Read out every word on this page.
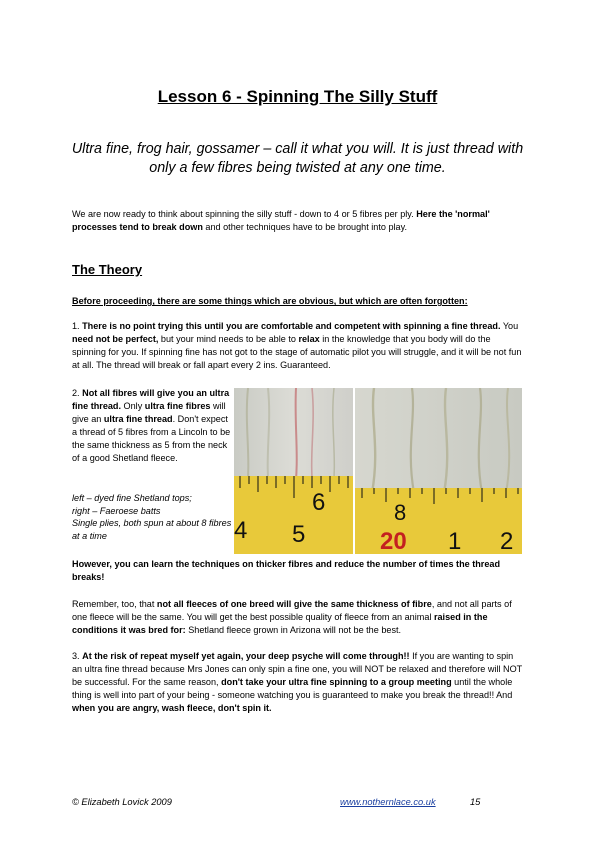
Lesson 6 - Spinning The Silly Stuff
Ultra fine, frog hair, gossamer – call it what you will. It is just thread with only a few fibres being twisted at any one time.
We are now ready to think about spinning the silly stuff - down to 4 or 5 fibres per ply. Here the 'normal' processes tend to break down and other techniques have to be brought into play.
The Theory
Before proceeding, there are some things which are obvious, but which are often forgotten:
1. There is no point trying this until you are comfortable and competent with spinning a fine thread. You need not be perfect, but your mind needs to be able to relax in the knowledge that you body will do the spinning for you. If spinning fine has not got to the stage of automatic pilot you will struggle, and it will be not fun at all. The thread will break or fall apart every 2 ins. Guaranteed.
2. Not all fibres will give you an ultra fine thread. Only ultra fine fibres will give an ultra fine thread. Don't expect a thread of 5 fibres from a Lincoln to be the same thickness as 5 from the neck of a good Shetland fleece.
left – dyed fine Shetland tops;
right – Faeroese batts
Single plies, both spun at about 8 fibres at a time
6
4 5
8
20 1 2
However, you can learn the techniques on thicker fibres and reduce the number of times the thread breaks!
Remember, too, that not all fleeces of one breed will give the same thickness of fibre, and not all parts of one fleece will be the same. You will get the best possible quality of fleece from an animal raised in the conditions it was bred for: Shetland fleece grown in Arizona will not be the best.
3. At the risk of repeat myself yet again, your deep psyche will come through!! If you are wanting to spin an ultra fine thread because Mrs Jones can only spin a fine one, you will NOT be relaxed and therefore will NOT be successful. For the same reason, don't take your ultra fine spinning to a group meeting until the whole thing is well into part of your being - someone watching you is guaranteed to make you break the thread!! And when you are angry, wash fleece, don't spin it.
© Elizabeth Lovick 2009	www.nothernlace.co.uk	15
